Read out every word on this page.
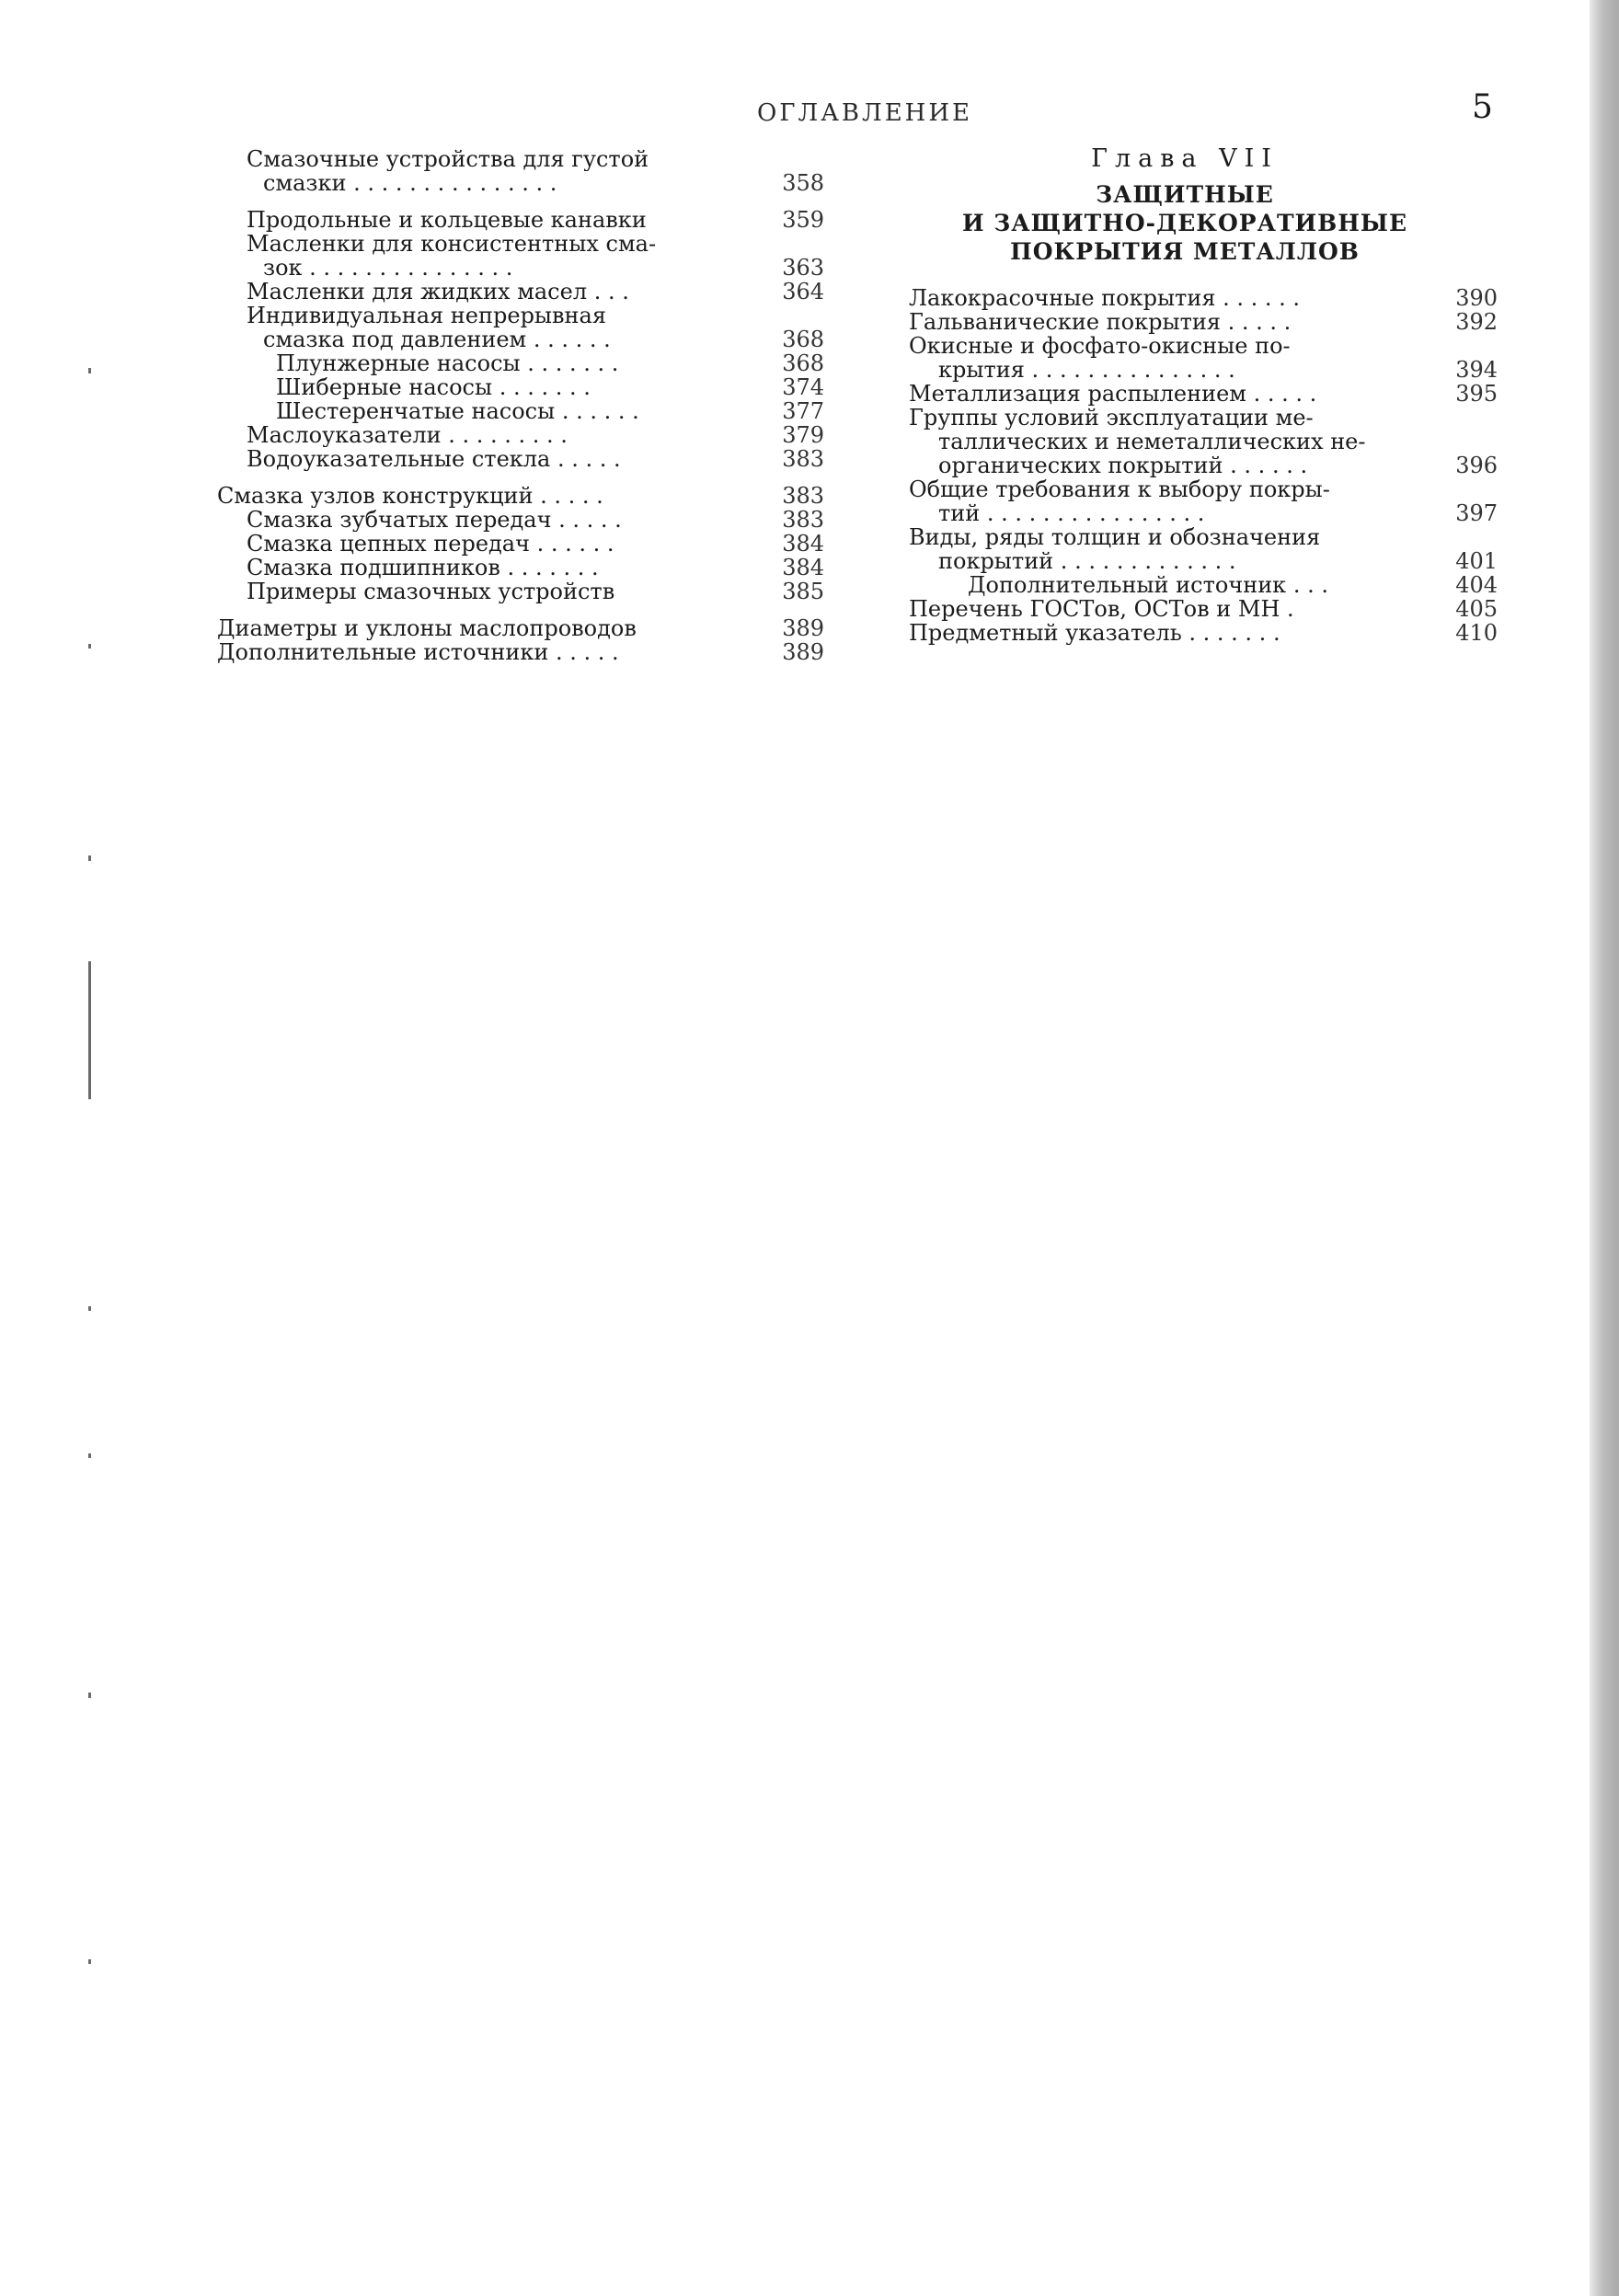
ОГЛАВЛЕНИЕ	5
Смазочные устройства для густой
смазки . . . . . . . . . . . . . . .	358
Продольные и кольцевые канавки	359
Масленки для консистентных сма-
зок . . . . . . . . . . . . . . .	363
Масленки для жидких масел . . .	364
Индивидуальная непрерывная
смазка под давлением . . . . . .	368
Плунжерные насосы . . . . . . .	368
Шиберные насосы . . . . . . .	374
Шестеренчатые насосы . . . . . .	377
Маслоуказатели . . . . . . . . .	379
Водоуказательные стекла . . . . .	383
Смазка узлов конструкций . . . . .	383
Смазка зубчатых передач . . . . .	383
Смазка цепных передач . . . . . .	384
Смазка подшипников . . . . . . .	384
Примеры смазочных устройств	385
Диаметры и уклоны маслопроводов	389
Дополнительные источники . . . . .	389
Глава VII
ЗАЩИТНЫЕ
И ЗАЩИТНО-ДЕКОРАТИВНЫЕ
ПОКРЫТИЯ МЕТАЛЛОВ
Лакокрасочные покрытия . . . . . .	390
Гальванические покрытия . . . . .	392
Окисные и фосфато-окисные по-
крытия . . . . . . . . . . . . . . .	394
Металлизация распылением . . . . .	395
Группы условий эксплуатации ме-
таллических и неметаллических не-
органических покрытий . . . . . .	396
Общие требования к выбору покры-
тий . . . . . . . . . . . . . . . .	397
Виды, ряды толщин и обозначения
покрытий . . . . . . . . . . . . .	401
Дополнительный источник . . .	404
Перечень ГОСТов, ОСТов и МН .	405
Предметный указатель . . . . . . .	410
